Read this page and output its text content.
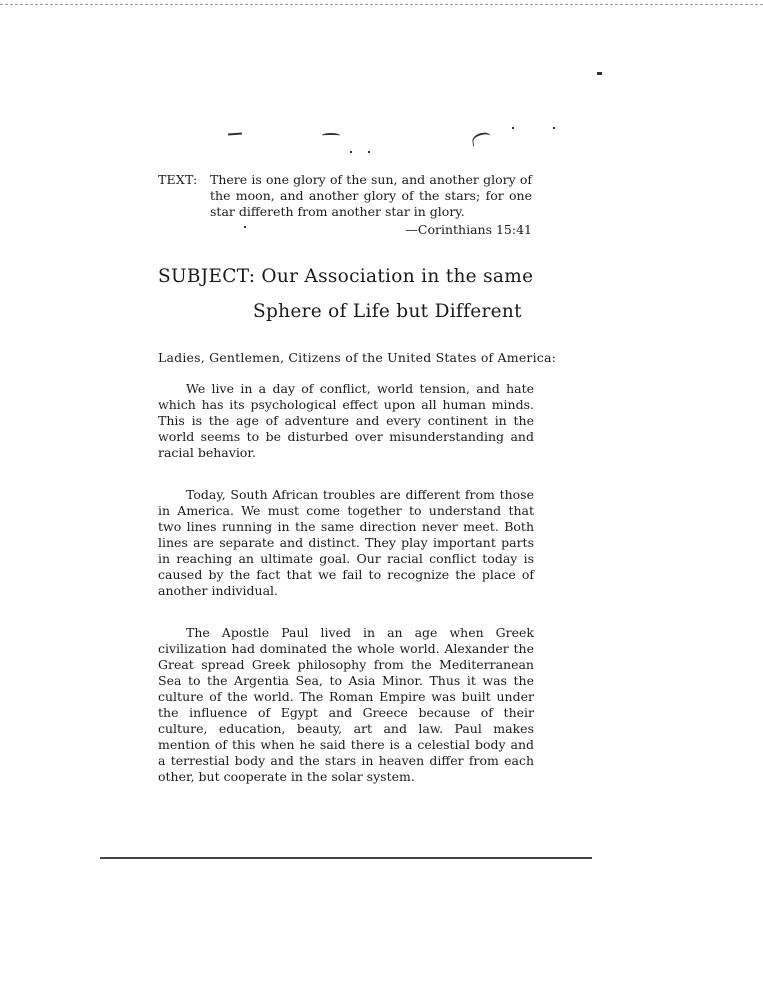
TEXT:	There is one glory of the sun, and another glory of the moon, and another glory of the stars; for one star differeth from another star in glory.
—Corinthians 15:41
SUBJECT: Our Association in the same
Sphere of Life but Different
Ladies, Gentlemen, Citizens of the United States of America:

We live in a day of conflict, world tension, and hate which has its psychological effect upon all human minds. This is the age of adventure and every continent in the world seems to be disturbed over misunderstanding and racial behavior.

Today, South African troubles are different from those in America. We must come together to understand that two lines running in the same direction never meet. Both lines are separate and distinct. They play important parts in reaching an ultimate goal. Our racial conflict today is caused by the fact that we fail to recognize the place of another individual.

The Apostle Paul lived in an age when Greek civilization had dominated the whole world. Alexander the Great spread Greek philosophy from the Mediterranean Sea to the Argentia Sea, to Asia Minor. Thus it was the culture of the world. The Roman Empire was built under the influence of Egypt and Greece because of their culture, education, beauty, art and law. Paul makes mention of this when he said there is a celestial body and a terrestial body and the stars in heaven differ from each other, but cooperate in the solar system.
